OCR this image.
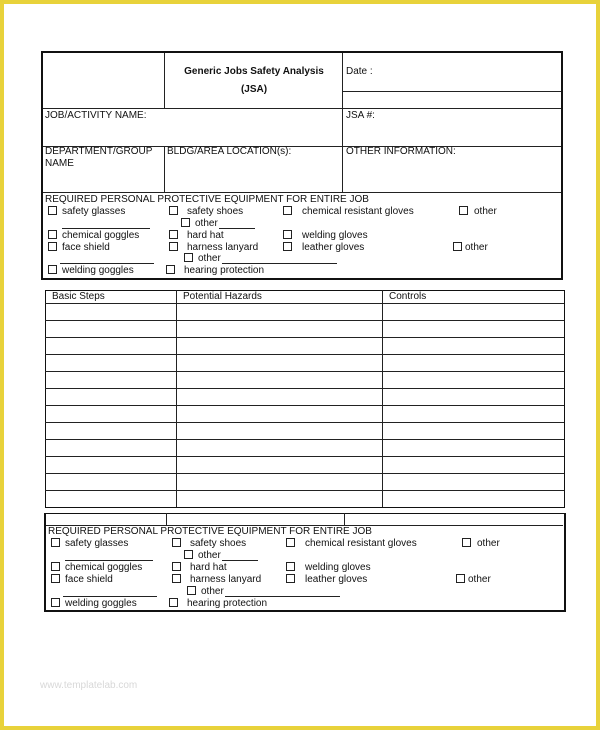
Generic Jobs Safety Analysis
(JSA)
Date :
JOB/ACTIVITY NAME:	JSA #:
DEPARTMENT/GROUP
NAME
BLDG/AREA LOCATION(s):	OTHER INFORMATION:
REQUIRED PERSONAL PROTECTIVE EQUIPMENT FOR ENTIRE JOB
safety glasses	safety shoes	chemical resistant gloves	other
other
chemical goggles	hard hat	welding gloves
face shield	harness lanyard	leather gloves	other
other
welding goggles	hearing protection
Basic Steps	Potential Hazards	Controls
REQUIRED PERSONAL PROTECTIVE EQUIPMENT FOR ENTIRE JOB
safety glasses	safety shoes	chemical resistant gloves	other
other
chemical goggles	hard hat	welding gloves
face shield	harness lanyard	leather gloves	other
other
welding goggles	hearing protection
www.templatelab.com
